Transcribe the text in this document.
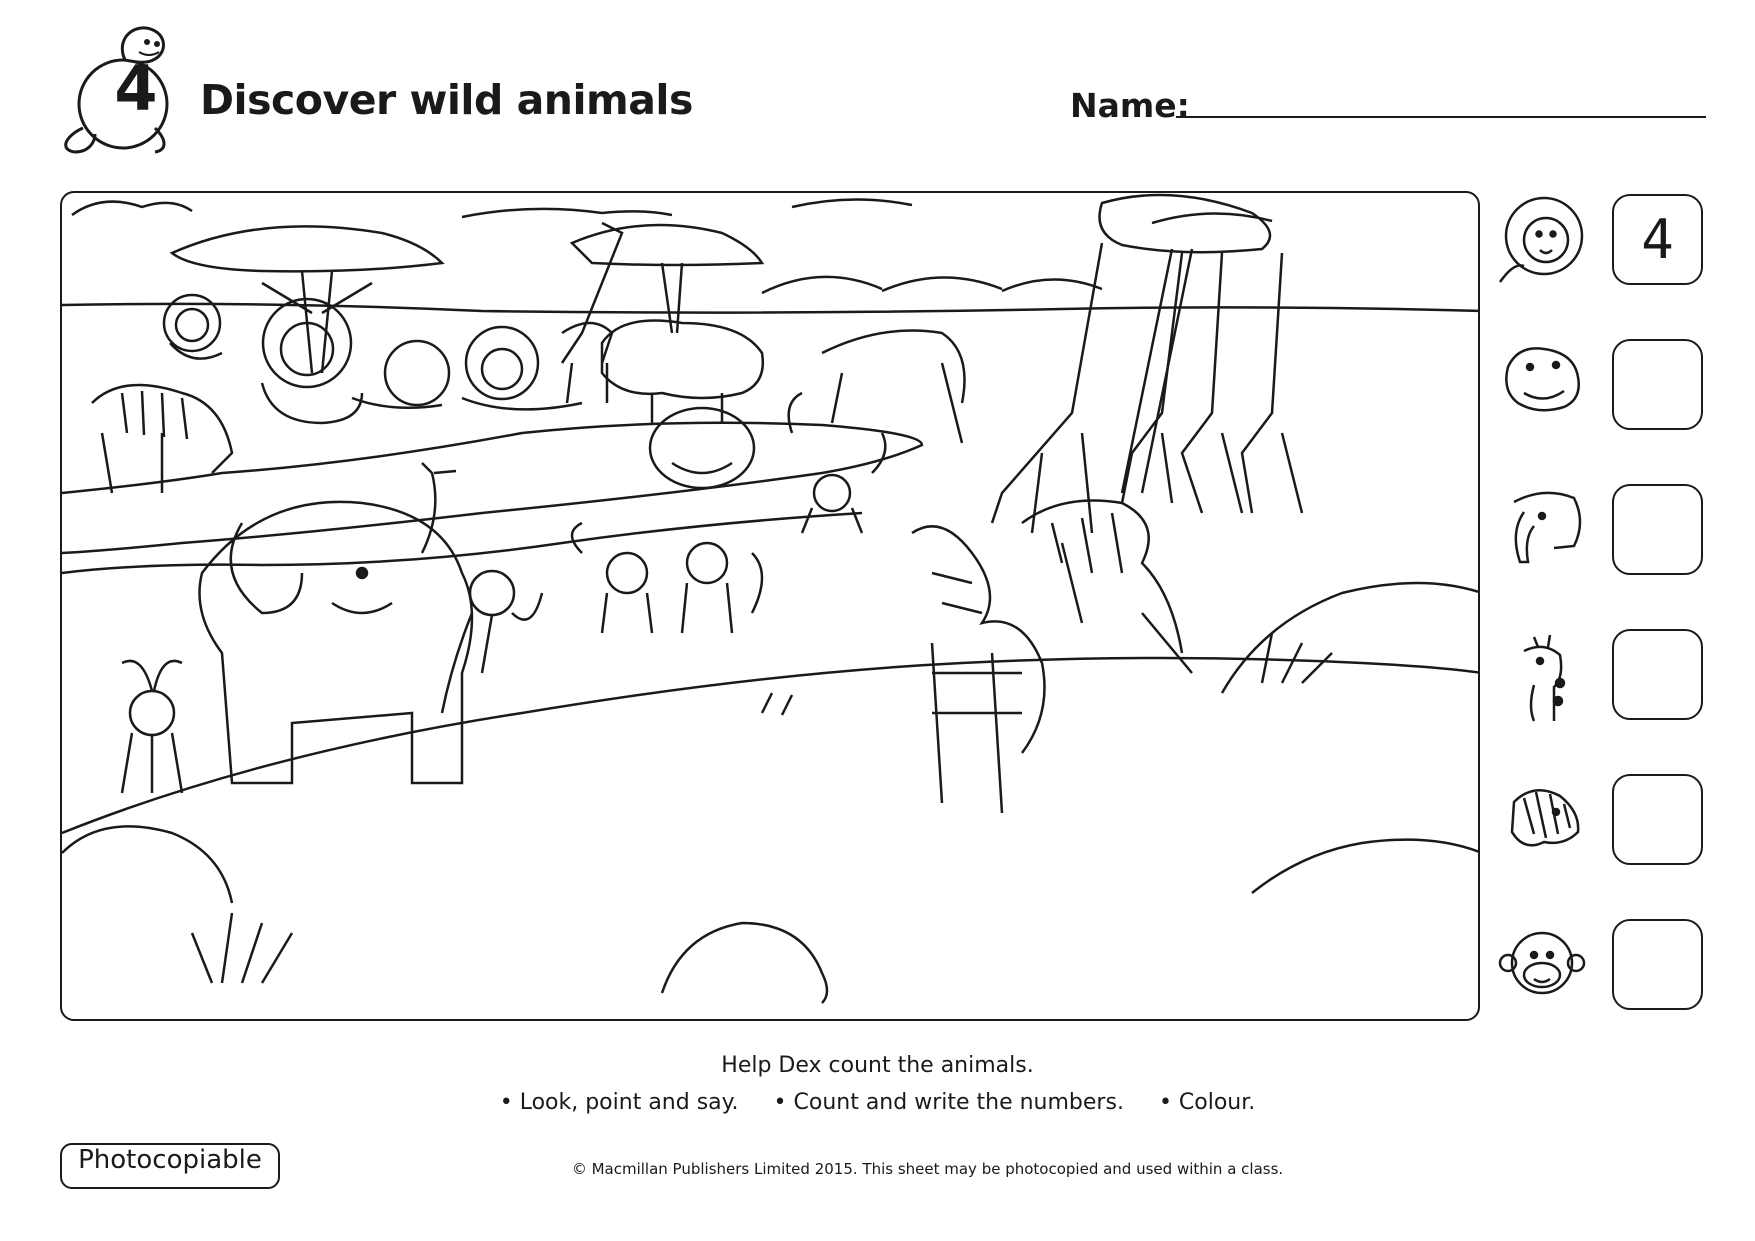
4	Discover wild animals	Name:
4
Help Dex count the animals.
• Look, point and say. • Count and write the numbers. • Colour.
Photocopiable	© Macmillan Publishers Limited 2015. This sheet may be photocopied and used within a class.
